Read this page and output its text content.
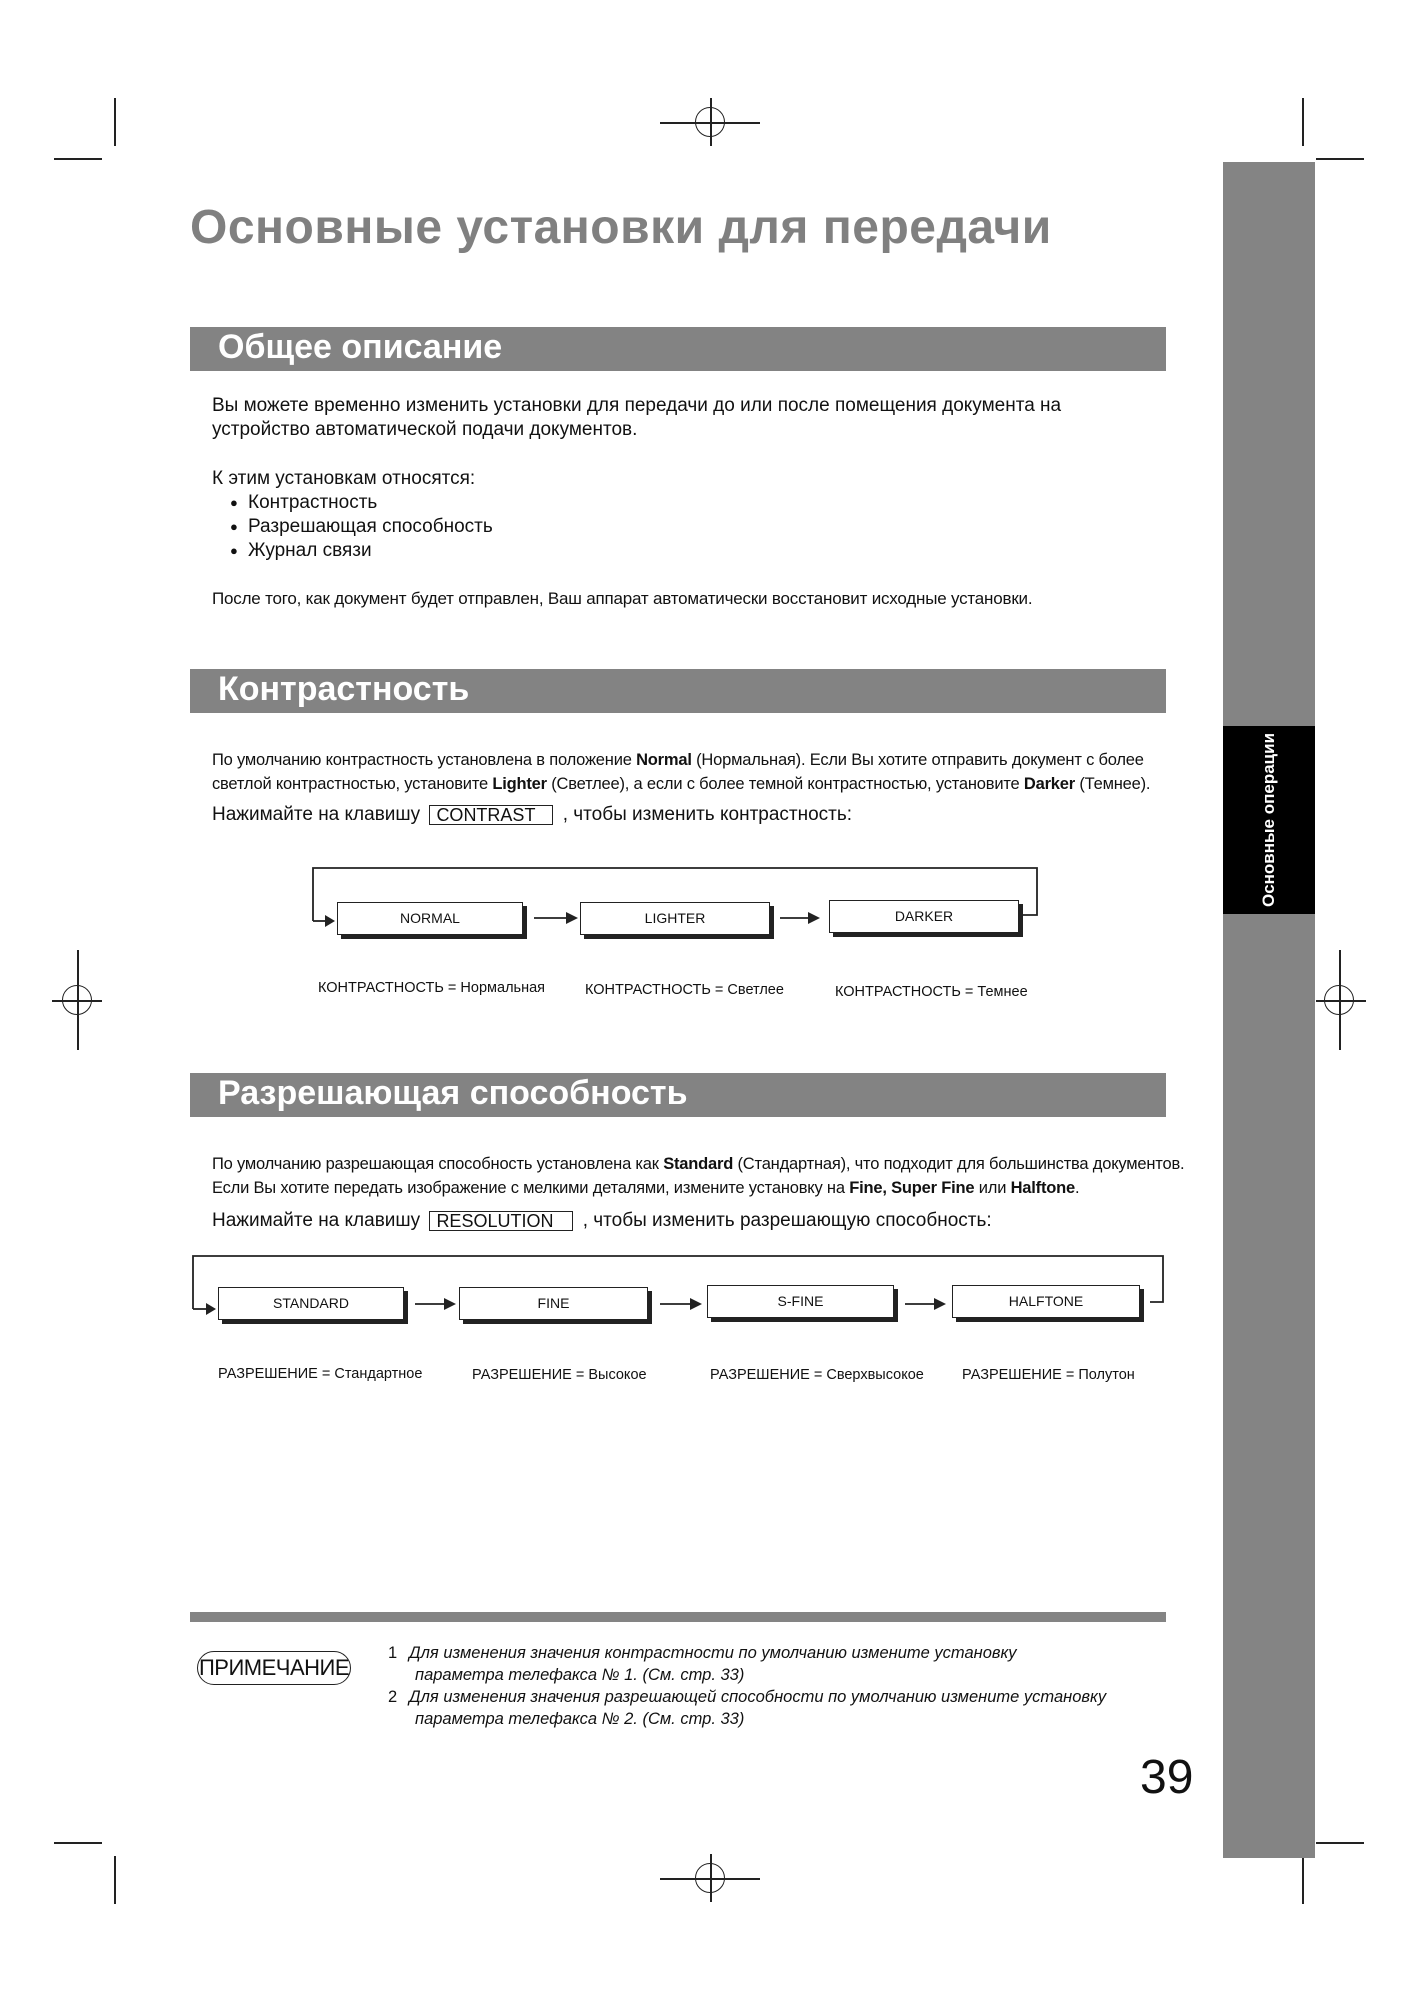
Основные операции
Основные установки для передачи
Общее описание
Вы можете временно изменить установки для передачи до или после помещения документа на
устройство автоматической подачи документов.
К этим установкам относятся:
● Контрастность
● Разрешающая способность
● Журнал связи
После того, как документ будет отправлен, Ваш аппарат автоматически восстановит исходные установки.
Контрастность
По умолчанию контрастность установлена в положение Normal (Нормальная). Если Вы хотите отправить документ с более
светлой контрастностью, установите Lighter (Светлее), а если с более темной контрастностью, установите Darker (Темнее).
Нажимайте на клавишу CONTRAST , чтобы изменить контрастность:
NORMAL	LIGHTER	DARKER
КОНТРАСТНОСТЬ = Нормальная	КОНТРАСТНОСТЬ = Светлее	КОНТРАСТНОСТЬ = Темнее
Разрешающая способность
По умолчанию разрешающая способность установлена как Standard (Стандартная), что подходит для большинства документов.
Если Вы хотите передать изображение с мелкими деталями, измените установку на Fine, Super Fine или Halftone.
Нажимайте на клавишу RESOLUTION , чтобы изменить разрешающую способность:
STANDARD	FINE	S-FINE	HALFTONE
РАЗРЕШЕНИЕ = Стандартное	РАЗРЕШЕНИЕ = Высокое	РАЗРЕШЕНИЕ = Сверхвысокое	РАЗРЕШЕНИЕ = Полутон
ПРИМЕЧАНИЕ
1 Для изменения значения контрастности по умолчанию измените установку
параметра телефакса № 1. (См. стр. 33)
2 Для изменения значения разрешающей способности по умолчанию измените установку
параметра телефакса № 2. (См. стр. 33)
39
